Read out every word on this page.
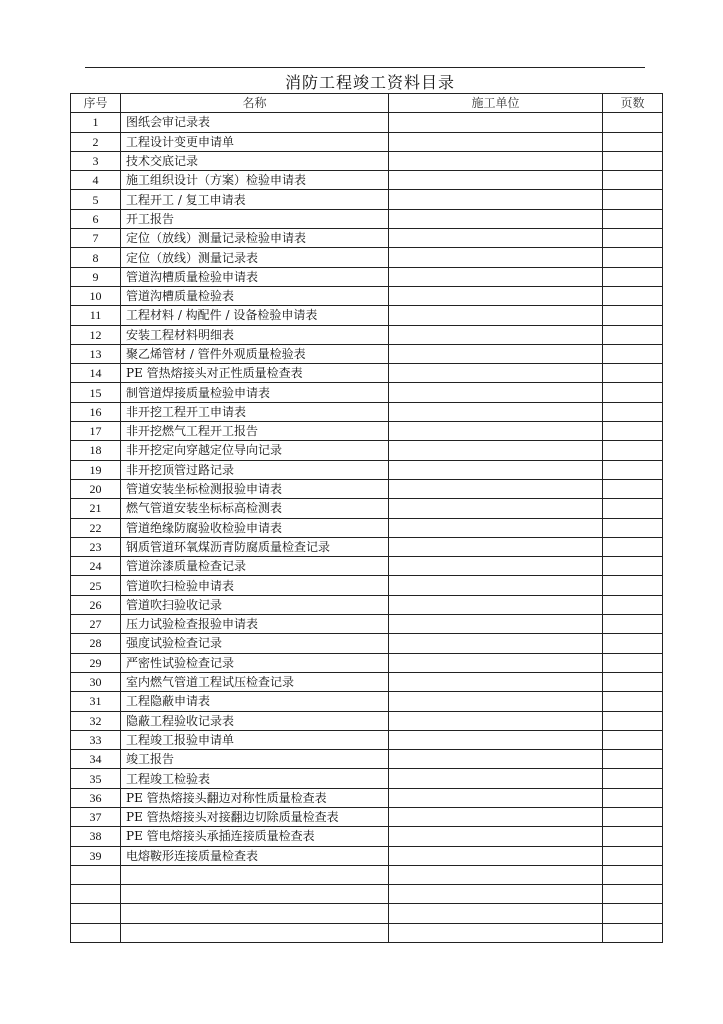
消防工程竣工资料目录
序号	名称	施工单位	页数
1	图纸会审记录表		
2	工程设计变更申请单		
3	技术交底记录		
4	施工组织设计（方案）检验申请表		
5	工程开工 / 复工申请表		
6	开工报告		
7	定位（放线）测量记录检验申请表		
8	定位（放线）测量记录表		
9	管道沟槽质量检验申请表		
10	管道沟槽质量检验表		
11	工程材料 / 构配件 / 设备检验申请表		
12	安装工程材料明细表		
13	聚乙烯管材 / 管件外观质量检验表		
14	PE 管热熔接头对正性质量检查表		
15	制管道焊接质量检验申请表		
16	非开挖工程开工申请表		
17	非开挖燃气工程开工报告		
18	非开挖定向穿越定位导向记录		
19	非开挖顶管过路记录		
20	管道安装坐标检测报验申请表		
21	燃气管道安装坐标标高检测表		
22	管道绝缘防腐验收检验申请表		
23	钢质管道环氧煤沥青防腐质量检查记录		
24	管道涂漆质量检查记录		
25	管道吹扫检验申请表		
26	管道吹扫验收记录		
27	压力试验检查报验申请表		
28	强度试验检查记录		
29	严密性试验检查记录		
30	室内燃气管道工程试压检查记录		
31	工程隐蔽申请表		
32	隐蔽工程验收记录表		
33	工程竣工报验申请单		
34	竣工报告		
35	工程竣工检验表		
36	PE 管热熔接头翻边对称性质量检查表		
37	PE 管热熔接头对接翻边切除质量检查表		
38	PE 管电熔接头承插连接质量检查表		
39	电熔鞍形连接质量检查表		
